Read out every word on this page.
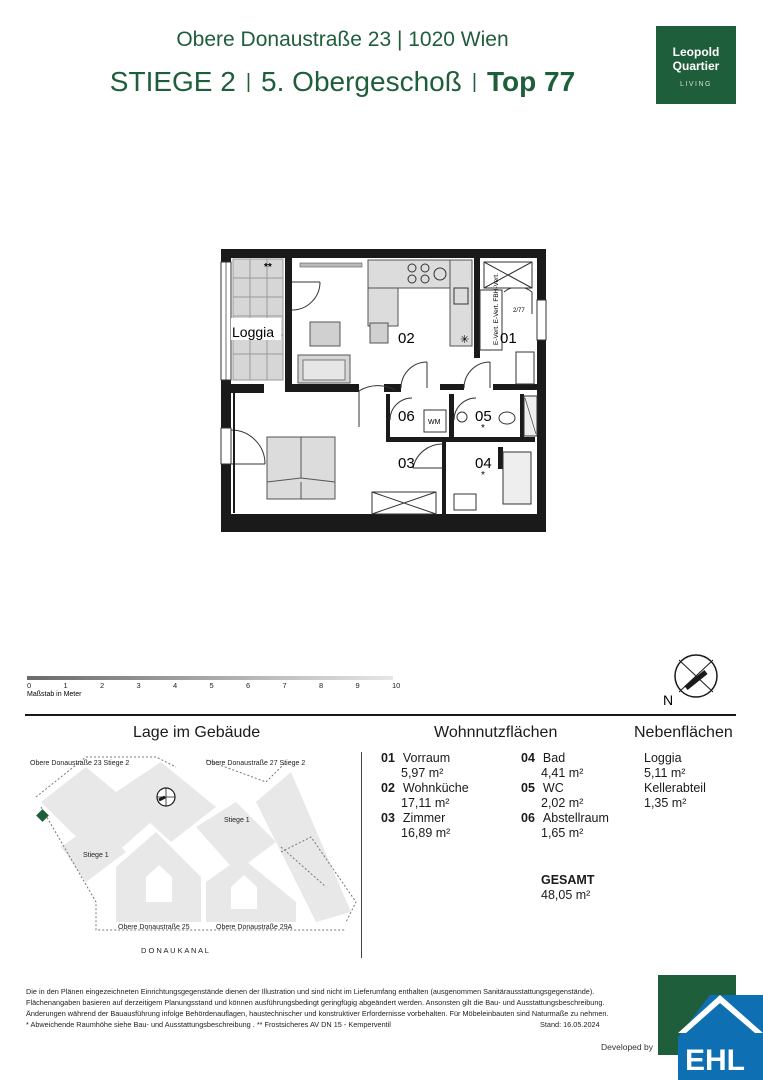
Obere Donaustraße 23 | 1020 Wien
STIEGE 2 | 5. Obergeschoß | Top 77
Leopold
Quartier
LIVING
Loggia
**
02	01
06	05
03	04
*
*
WM
2/77
E-Vert. E-Vert. FBH-Vert.
✳
0	1	2	3	4	5	6	7	8	9	10
Maßstab in Meter	N
Lage im Gebäude
Obere Donaustraße 23 Stiege 2	Obere Donaustraße 27 Stiege 2
Stiege 1
Stiege 1
Obere Donaustraße 25	Obere Donaustraße 29A
D O N A U K A N A L
Wohnnutzflächen
01 Vorraum
5,97 m²
02 Wohnküche
17,11 m²
03 Zimmer
16,89 m²
04 Bad
4,41 m²
05 WC
2,02 m²
06 Abstellraum
1,65 m²
GESAMT
48,05 m²
Nebenflächen
Loggia
5,11 m²
Kellerabteil
1,35 m²
Die in den Plänen eingezeichneten Einrichtungsgegenstände dienen der Illustration und sind nicht im Lieferumfang enthalten (ausgenommen Sanitärausstattungsgegenstände).
Flächenangaben basieren auf derzeitigem Planungsstand und können ausführungsbedingt geringfügig abgeändert werden. Ansonsten gilt die Bau- und Ausstattungsbeschreibung.
Änderungen während der Bauausführung infolge Behördenauflagen, haustechnischer und konstruktiver Erfordernisse vorbehalten. Für Möbeleinbauten sind Naturmaße zu nehmen.
* Abweichende Raumhöhe siehe Bau- und Ausstattungsbeschreibung . ** Frostsicheres AV DN 15 - Kemperventil	Stand: 16.05.2024
Developed by EHL
